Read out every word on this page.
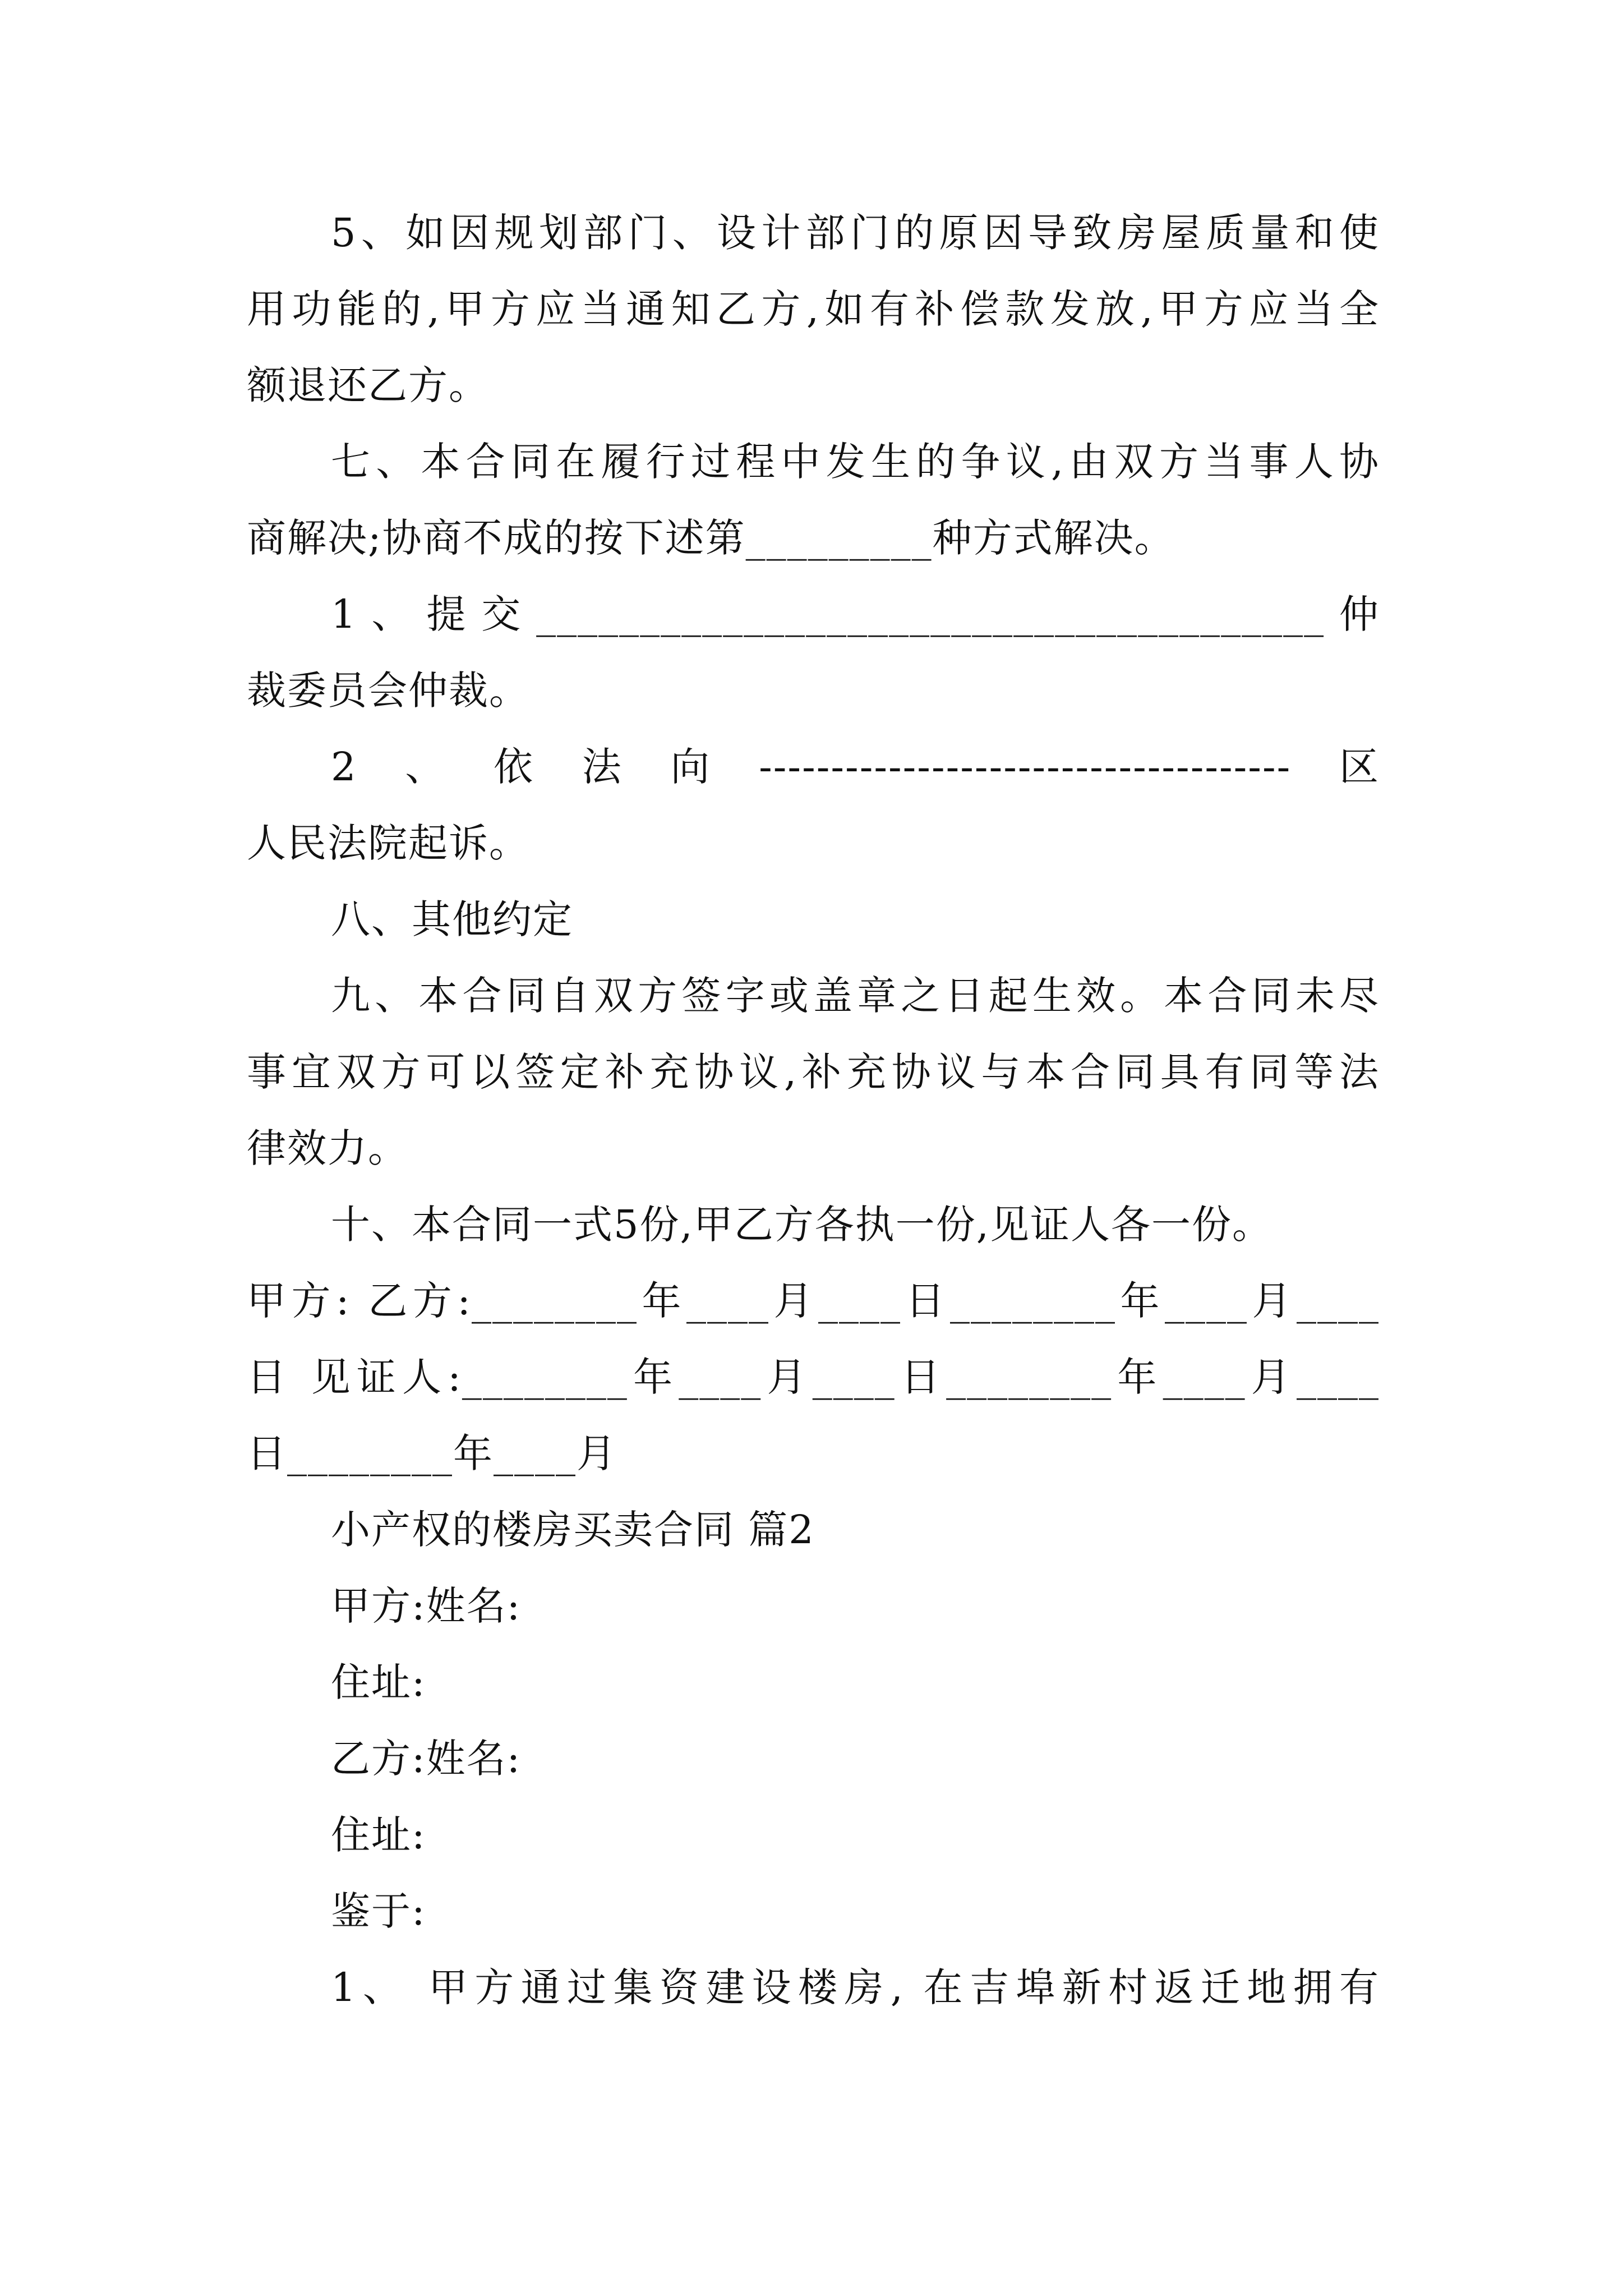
5、如因规划部门、设计部门的原因导致房屋质量和使
用功能的,甲方应当通知乙方,如有补偿款发放,甲方应当全
额退还乙方。
七、本合同在履行过程中发生的争议,由双方当事人协
商解决;协商不成的按下述第_________种方式解决。
1、提交______________________________________仲
裁委员会仲裁。
2、依法向-------------------------------------区
人民法院起诉。
八、其他约定
九、本合同自双方签字或盖章之日起生效。本合同未尽
事宜双方可以签定补充协议,补充协议与本合同具有同等法
律效力。
十、本合同一式5份,甲乙方各执一份,见证人各一份。
甲方: 乙方:________年____月____日________年____月____
日 见证人:________年____月____日________年____月____
日________年____月
小产权的楼房买卖合同 篇2
甲方:姓名:
住址:
乙方:姓名:
住址:
鉴于:
1、 甲方通过集资建设楼房, 在吉埠新村返迁地拥有
